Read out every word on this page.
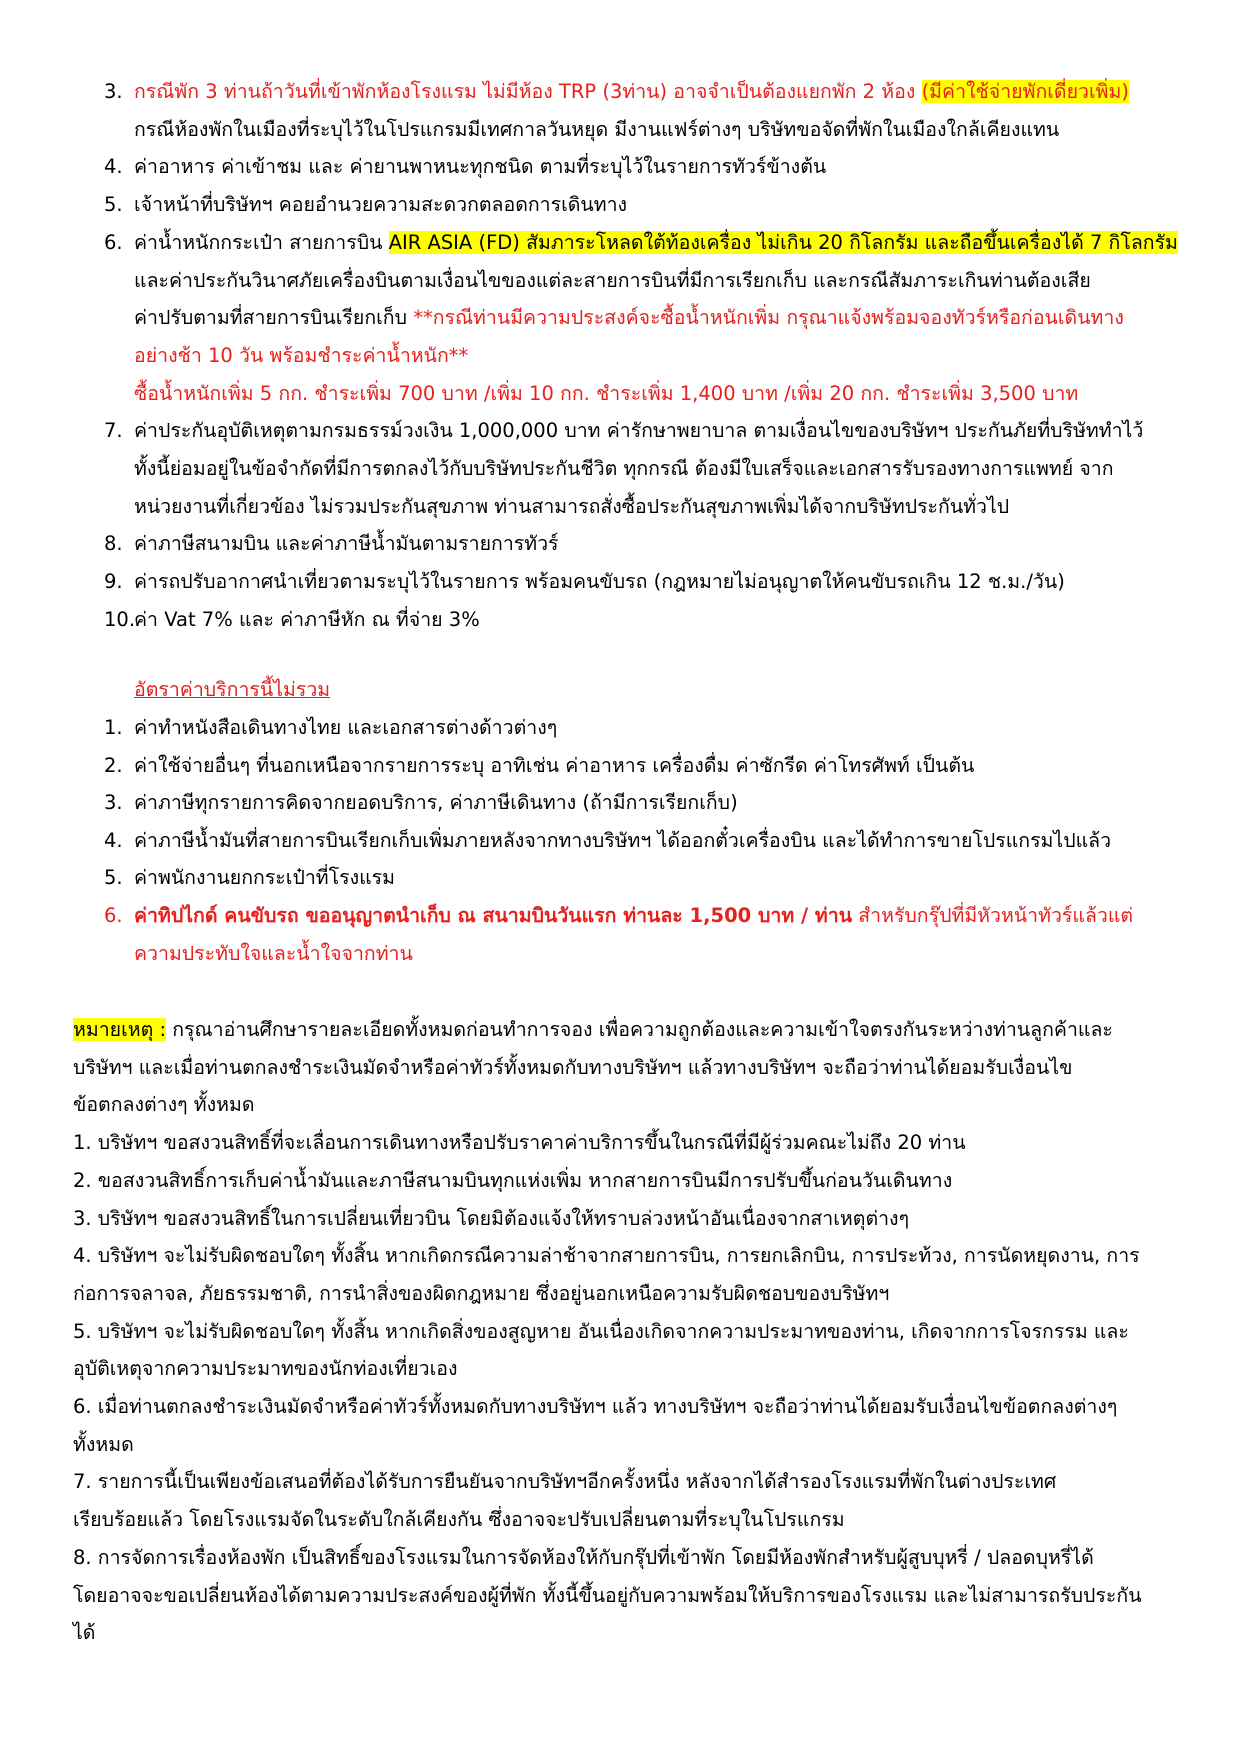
3. กรณีพัก 3 ท่านถ้าวันที่เข้าพักห้องโรงแรม ไม่มีห้อง TRP (3ท่าน) อาจจำเป็นต้องแยกพัก 2 ห้อง (มีค่าใช้จ่ายพักเดี่ยวเพิ่ม)
กรณีห้องพักในเมืองที่ระบุไว้ในโปรแกรมมีเทศกาลวันหยุด มีงานแฟร์ต่างๆ บริษัทขอจัดที่พักในเมืองใกล้เคียงแทน
4. ค่าอาหาร ค่าเข้าชม และ ค่ายานพาหนะทุกชนิด ตามที่ระบุไว้ในรายการทัวร์ข้างต้น
5. เจ้าหน้าที่บริษัทฯ คอยอำนวยความสะดวกตลอดการเดินทาง
6. ค่าน้ำหนักกระเป๋า สายการบิน AIR ASIA (FD) สัมภาระโหลดใต้ท้องเครื่อง ไม่เกิน 20 กิโลกรัม และถือขึ้นเครื่องได้ 7 กิโลกรัม
และค่าประกันวินาศภัยเครื่องบินตามเงื่อนไขของแต่ละสายการบินที่มีการเรียกเก็บ และกรณีสัมภาระเกินท่านต้องเสีย
ค่าปรับตามที่สายการบินเรียกเก็บ **กรณีท่านมีความประสงค์จะซื้อน้ำหนักเพิ่ม กรุณาแจ้งพร้อมจองทัวร์หรือก่อนเดินทาง
อย่างช้า 10 วัน พร้อมชำระค่าน้ำหนัก**
ซื้อน้ำหนักเพิ่ม 5 กก. ชำระเพิ่ม 700 บาท /เพิ่ม 10 กก. ชำระเพิ่ม 1,400 บาท /เพิ่ม 20 กก. ชำระเพิ่ม 3,500 บาท
7. ค่าประกันอุบัติเหตุตามกรมธรรม์วงเงิน 1,000,000 บาท ค่ารักษาพยาบาล ตามเงื่อนไขของบริษัทฯ ประกันภัยที่บริษัททำไว้
ทั้งนี้ย่อมอยู่ในข้อจำกัดที่มีการตกลงไว้กับบริษัทประกันชีวิต ทุกกรณี ต้องมีใบเสร็จและเอกสารรับรองทางการแพทย์ จาก
หน่วยงานที่เกี่ยวข้อง ไม่รวมประกันสุขภาพ ท่านสามารถสั่งซื้อประกันสุขภาพเพิ่มได้จากบริษัทประกันทั่วไป
8. ค่าภาษีสนามบิน และค่าภาษีน้ำมันตามรายการทัวร์
9. ค่ารถปรับอากาศนำเที่ยวตามระบุไว้ในรายการ พร้อมคนขับรถ (กฎหมายไม่อนุญาตให้คนขับรถเกิน 12 ช.ม./วัน)
10.
ค่า Vat 7% และ ค่าภาษีหัก ณ ที่จ่าย 3%
อัตราค่าบริการนี้ไม่รวม
1. ค่าทำหนังสือเดินทางไทย และเอกสารต่างด้าวต่างๆ
2. ค่าใช้จ่ายอื่นๆ ที่นอกเหนือจากรายการระบุ อาทิเช่น ค่าอาหาร เครื่องดื่ม ค่าซักรีด ค่าโทรศัพท์ เป็นต้น
3. ค่าภาษีทุกรายการคิดจากยอดบริการ, ค่าภาษีเดินทาง (ถ้ามีการเรียกเก็บ)
4. ค่าภาษีน้ำมันที่สายการบินเรียกเก็บเพิ่มภายหลังจากทางบริษัทฯ ได้ออกตั๋วเครื่องบิน และได้ทำการขายโปรแกรมไปแล้ว
5. ค่าพนักงานยกกระเป๋าที่โรงแรม
6. ค่าทิปไกด์ คนขับรถ ขออนุญาตนำเก็บ ณ สนามบินวันแรก ท่านละ 1,500 บาท / ท่าน สำหรับกรุ๊ปที่มีหัวหน้าทัวร์แล้วแต่
ความประทับใจและน้ำใจจากท่าน
หมายเหตุ : กรุณาอ่านศึกษารายละเอียดทั้งหมดก่อนทำการจอง เพื่อความถูกต้องและความเข้าใจตรงกันระหว่างท่านลูกค้าและ
บริษัทฯ และเมื่อท่านตกลงชำระเงินมัดจำหรือค่าทัวร์ทั้งหมดกับทางบริษัทฯ แล้วทางบริษัทฯ จะถือว่าท่านได้ยอมรับเงื่อนไข
ข้อตกลงต่างๆ ทั้งหมด
1. บริษัทฯ ขอสงวนสิทธิ์ที่จะเลื่อนการเดินทางหรือปรับราคาค่าบริการขึ้นในกรณีที่มีผู้ร่วมคณะไม่ถึง 20 ท่าน
2. ขอสงวนสิทธิ์การเก็บค่าน้ำมันและภาษีสนามบินทุกแห่งเพิ่ม หากสายการบินมีการปรับขึ้นก่อนวันเดินทาง
3. บริษัทฯ ขอสงวนสิทธิ์ในการเปลี่ยนเที่ยวบิน โดยมิต้องแจ้งให้ทราบล่วงหน้าอันเนื่องจากสาเหตุต่างๆ
4. บริษัทฯ จะไม่รับผิดชอบใดๆ ทั้งสิ้น หากเกิดกรณีความล่าช้าจากสายการบิน, การยกเลิกบิน, การประท้วง, การนัดหยุดงาน, การ
ก่อการจลาจล, ภัยธรรมชาติ, การนำสิ่งของผิดกฎหมาย ซึ่งอยู่นอกเหนือความรับผิดชอบของบริษัทฯ
5. บริษัทฯ จะไม่รับผิดชอบใดๆ ทั้งสิ้น หากเกิดสิ่งของสูญหาย อันเนื่องเกิดจากความประมาทของท่าน, เกิดจากการโจรกรรม และ
อุบัติเหตุจากความประมาทของนักท่องเที่ยวเอง
6. เมื่อท่านตกลงชำระเงินมัดจำหรือค่าทัวร์ทั้งหมดกับทางบริษัทฯ แล้ว ทางบริษัทฯ จะถือว่าท่านได้ยอมรับเงื่อนไขข้อตกลงต่างๆ
ทั้งหมด
7. รายการนี้เป็นเพียงข้อเสนอที่ต้องได้รับการยืนยันจากบริษัทฯอีกครั้งหนึ่ง หลังจากได้สำรองโรงแรมที่พักในต่างประเทศ
เรียบร้อยแล้ว โดยโรงแรมจัดในระดับใกล้เคียงกัน ซึ่งอาจจะปรับเปลี่ยนตามที่ระบุในโปรแกรม
8. การจัดการเรื่องห้องพัก เป็นสิทธิ์ของโรงแรมในการจัดห้องให้กับกรุ๊ปที่เข้าพัก โดยมีห้องพักสำหรับผู้สูบบุหรี่ / ปลอดบุหรี่ได้
โดยอาจจะขอเปลี่ยนห้องได้ตามความประสงค์ของผู้ที่พัก ทั้งนี้ขึ้นอยู่กับความพร้อมให้บริการของโรงแรม และไม่สามารถรับประกัน
ได้
